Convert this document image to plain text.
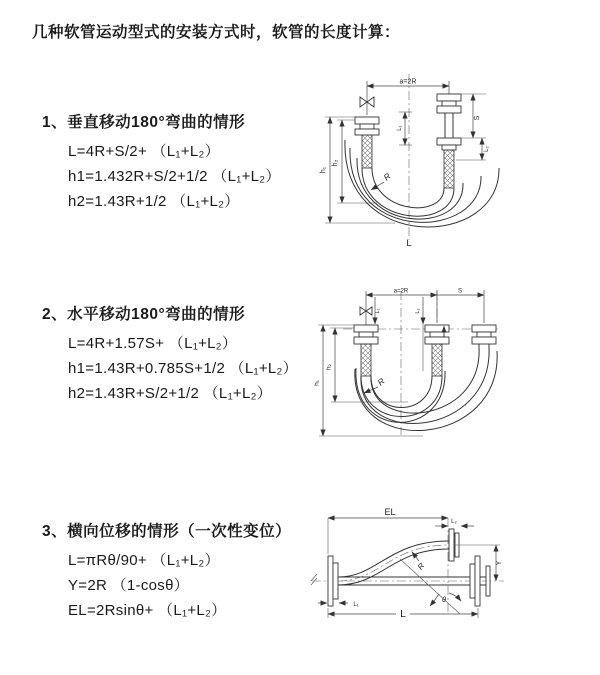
几种软管运动型式的安装方式时，软管的长度计算：
1、垂直移动180°弯曲的情形
L=4R+S/2+ （L₁+L₂）
h1=1.432R+S/2+1/2 （L₁+L₂）
h2=1.43R+1/2 （L₁+L₂）
2、水平移动180°弯曲的情形
L=4R+1.57S+ （L₁+L₂）
h1=1.43R+0.785S+1/2 （L₁+L₂）
h2=1.43R+S/2+1/2 （L₁+L₂）
3、横向位移的情形（一次性变位）
L=πRθ/90+ （L₁+L₂）
Y=2R （1-cosθ）
EL=2Rsinθ+ （L₁+L₂）
a=2R
S
L₂
L₁
h₁
h₂
R
L
a=2R	S
L₁	L₂
h₁
h₂
R
EL
L₂
Y
R
θ
L
L₁
